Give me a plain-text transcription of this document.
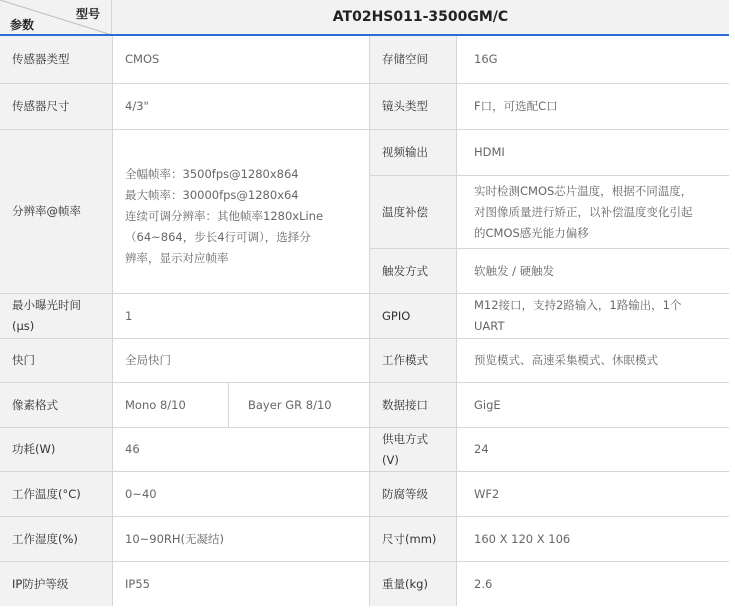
型号
参数	AT02HS011-3500GM/C
传感器类型
传感器尺寸
分辨率@帧率
最小曝光时间(μs)
快门
像素格式
功耗(W)
工作温度(°C)
工作湿度(%)
IP防护等级
CMOS
4/3"
全幅帧率：3500fps@1280x864
最大帧率：30000fps@1280x64
连续可调分辨率：其他帧率1280xLine
（64~864，步长4行可调），选择分
辨率，显示对应帧率
1
全局快门
Mono 8/10	Bayer GR 8/10
46
0~40
10~90RH(无凝结)
IP55
存储空间
镜头类型
视频输出
温度补偿
触发方式
GPIO
工作模式
数据接口
供电方式(V)
防腐等级
尺寸(mm)
重量(kg)
16G
F口，可选配C口
HDMI
实时检测CMOS芯片温度，根据不同温度，
对图像质量进行矫正，以补偿温度变化引起
的CMOS感光能力偏移
软触发 / 硬触发
M12接口，支持2路输入，1路输出，1个
UART
预览模式、高速采集模式、休眠模式
GigE
24
WF2
160 X 120 X 106
2.6
